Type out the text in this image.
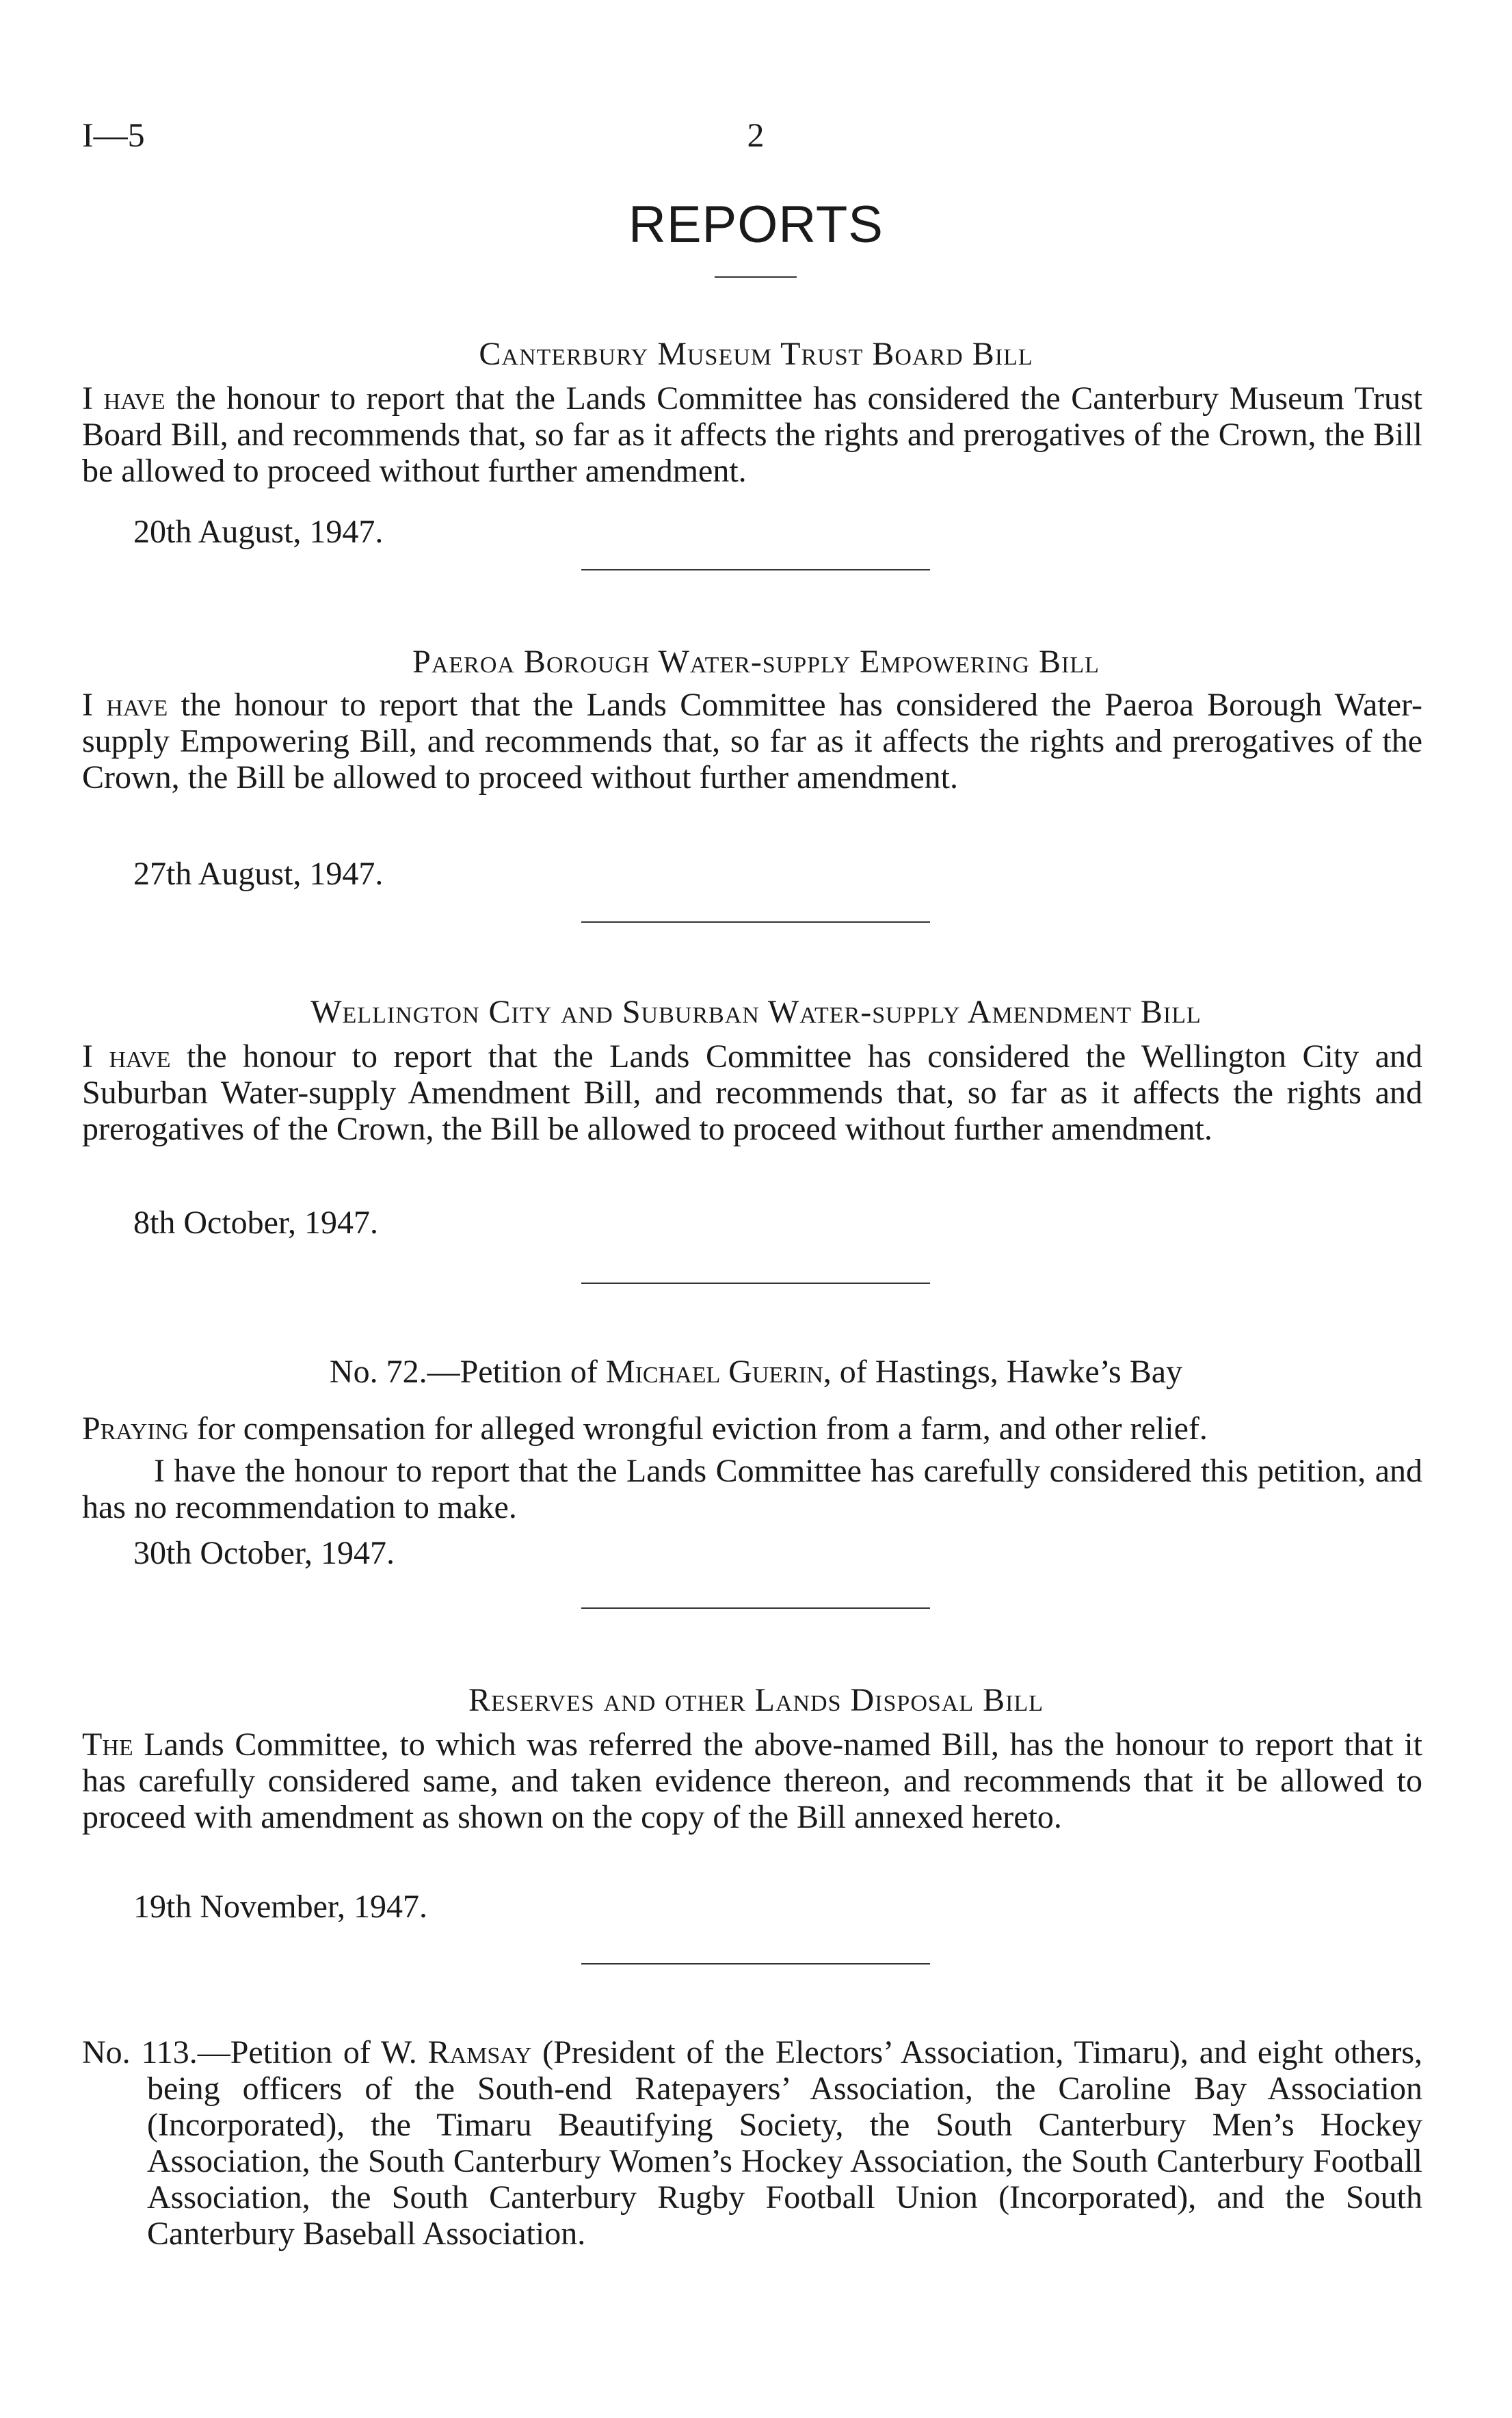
I—5	2
REPORTS
Canterbury Museum Trust Board Bill
I have the honour to report that the Lands Committee has considered the Canterbury Museum Trust Board Bill, and recommends that, so far as it affects the rights and prerogatives of the Crown, the Bill be allowed to proceed without further amendment.
20th August, 1947.
Paeroa Borough Water-supply Empowering Bill
I have the honour to report that the Lands Committee has considered the Paeroa Borough Water-supply Empowering Bill, and recommends that, so far as it affects the rights and prerogatives of the Crown, the Bill be allowed to proceed without further amendment.
27th August, 1947.
Wellington City and Suburban Water-supply Amendment Bill
I have the honour to report that the Lands Committee has considered the Wellington City and Suburban Water-supply Amendment Bill, and recommends that, so far as it affects the rights and prerogatives of the Crown, the Bill be allowed to proceed without further amendment.
8th October, 1947.
No. 72.—Petition of Michael Guerin, of Hastings, Hawke’s Bay
Praying for compensation for alleged wrongful eviction from a farm, and other relief.
I have the honour to report that the Lands Committee has carefully considered this petition, and has no recommendation to make.
30th October, 1947.
Reserves and other Lands Disposal Bill
The Lands Committee, to which was referred the above-named Bill, has the honour to report that it has carefully considered same, and taken evidence thereon, and recommends that it be allowed to proceed with amendment as shown on the copy of the Bill annexed hereto.
19th November, 1947.
No. 113.—Petition of W. Ramsay (President of the Electors’ Association, Timaru), and eight others, being officers of the South-end Ratepayers’ Association, the Caroline Bay Association (Incorporated), the Timaru Beautifying Society, the South Canterbury Men’s Hockey Association, the South Canterbury Women’s Hockey Association, the South Canterbury Football Association, the South Canterbury Rugby Football Union (Incorporated), and the South Canterbury Baseball Association.
